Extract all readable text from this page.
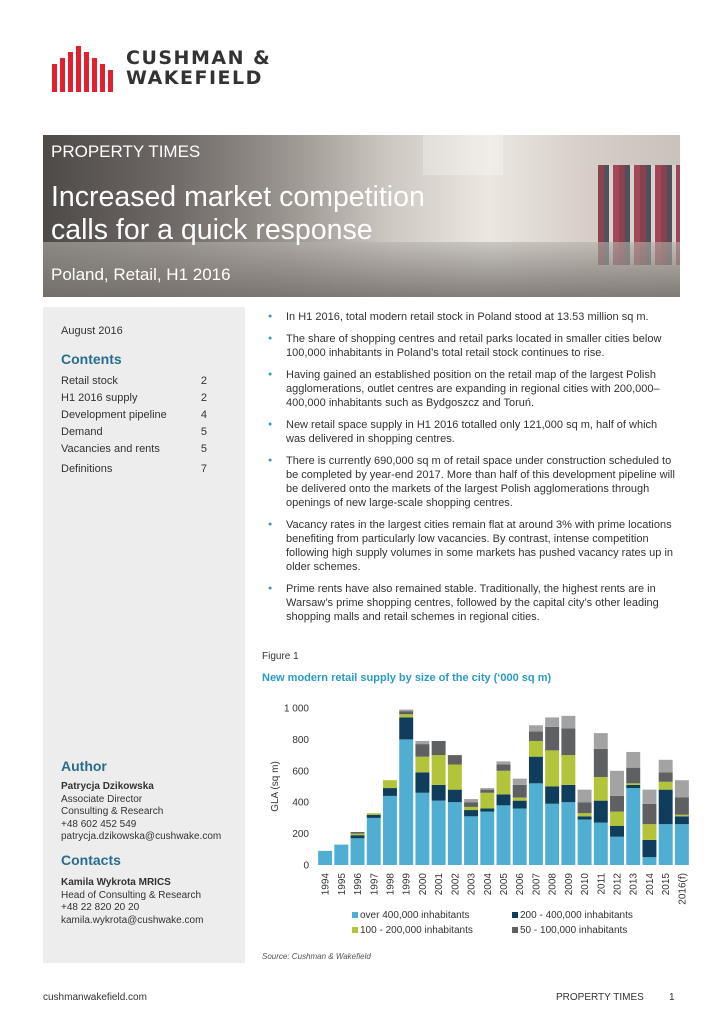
CUSHMAN &
WAKEFIELD
PROPERTY TIMES
Increased market competition
calls for a quick response
Poland, Retail, H1 2016
August 2016
Contents
Retail stock	2
H1 2016 supply	2
Development pipeline	4
Demand	5
Vacancies and rents	5
Definitions	7
Author
Patrycja Dzikowska
Associate Director
Consulting & Research
+48 602 452 549
patrycja.dzikowska@cushwake.com
Contacts
Kamila Wykrota MRICS
Head of Consulting & Research
+48 22 820 20 20
kamila.wykrota@cushwake.com
● In H1 2016, total modern retail stock in Poland stood at 13.53 million sq m.
● The share of shopping centres and retail parks located in smaller cities below 100,000 inhabitants in Poland’s total retail stock continues to rise.
● Having gained an established position on the retail map of the largest Polish agglomerations, outlet centres are expanding in regional cities with 200,000–400,000 inhabitants such as Bydgoszcz and Toruń.
● New retail space supply in H1 2016 totalled only 121,000 sq m, half of which was delivered in shopping centres.
● There is currently 690,000 sq m of retail space under construction scheduled to be completed by year-end 2017. More than half of this development pipeline will be delivered onto the markets of the largest Polish agglomerations through openings of new large-scale shopping centres.
● Vacancy rates in the largest cities remain flat at around 3% with prime locations benefiting from particularly low vacancies. By contrast, intense competition following high supply volumes in some markets has pushed vacancy rates up in older schemes.
● Prime rents have also remained stable. Traditionally, the highest rents are in Warsaw’s prime shopping centres, followed by the capital city’s other leading shopping malls and retail schemes in regional cities.
Figure 1
New modern retail supply by size of the city (‘000 sq m)
GLA (sq m)
0
200
400
600
800
1 000
1994 1995 1996 1997 1998 1999 2000 2001 2002 2003 2004 2005 2006 2007 2008 2009 2010 2011 2012 2013 2014 2015 2016(f)
over 400,000 inhabitants	200 - 400,000 inhabitants
100 - 200,000 inhabitants	50 - 100,000 inhabitants
Source: Cushman & Wakefield
cushmanwakefield.com	PROPERTY TIMES	1
